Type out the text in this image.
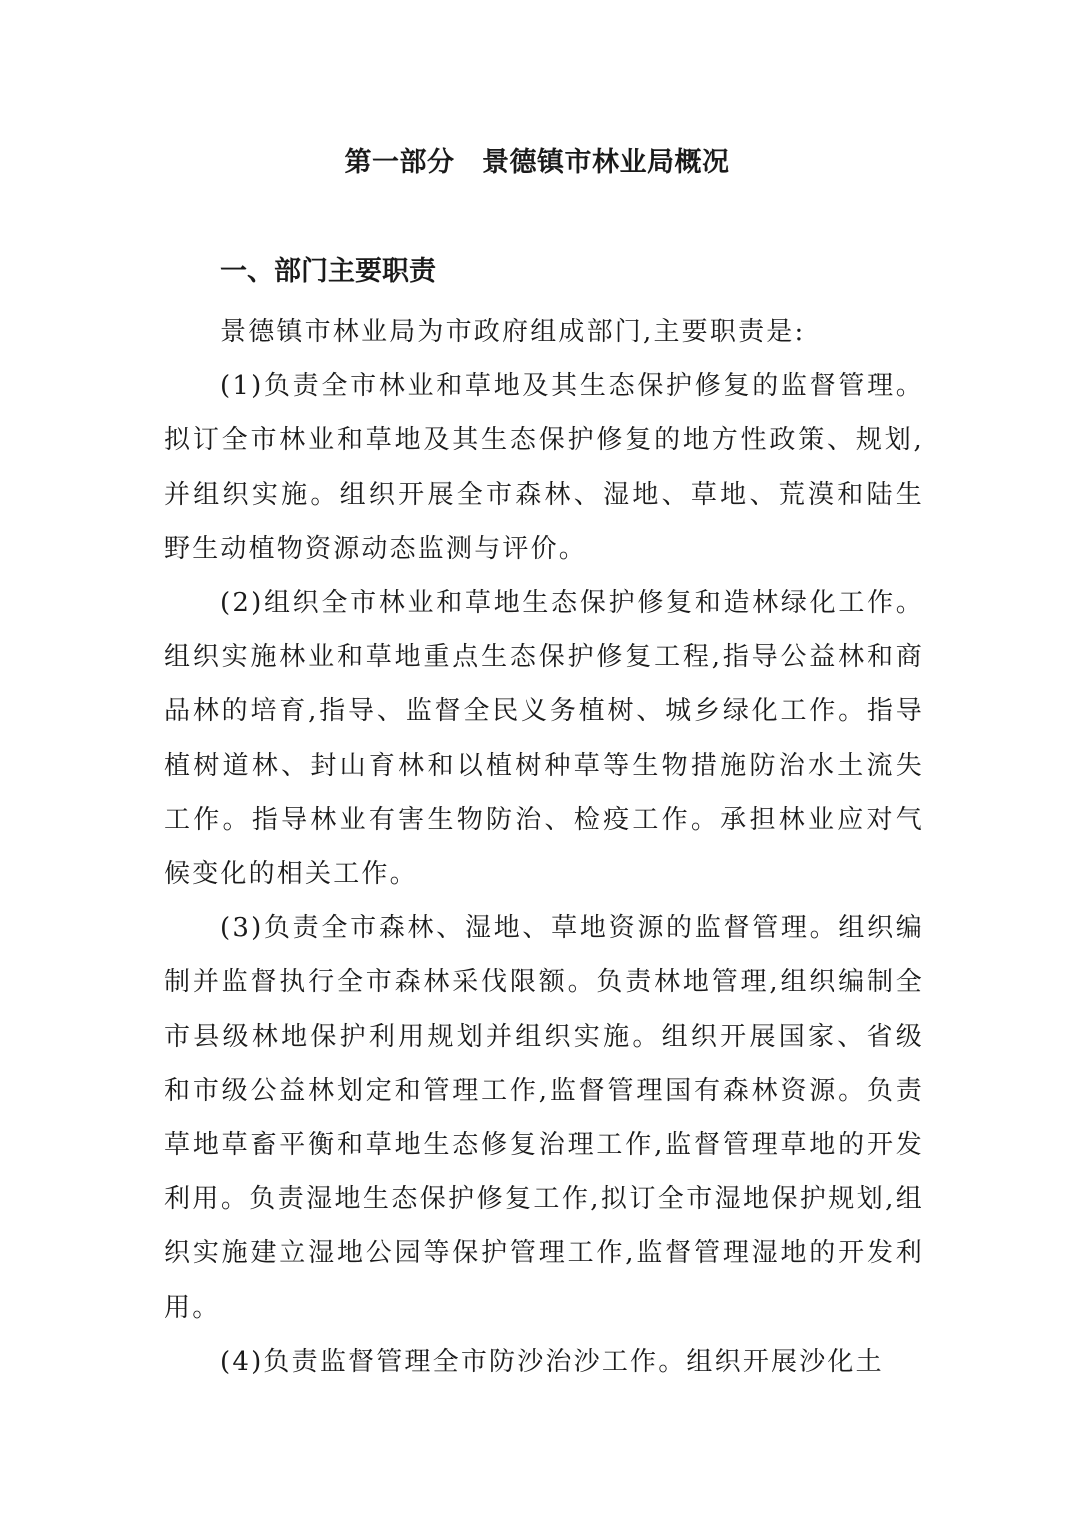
第一部分　景德镇市林业局概况
一、部门主要职责

景德镇市林业局为市政府组成部门,主要职责是:

(1)负责全市林业和草地及其生态保护修复的监督管理。拟订全市林业和草地及其生态保护修复的地方性政策、规划,并组织实施。组织开展全市森林、湿地、草地、荒漠和陆生野生动植物资源动态监测与评价。

(2)组织全市林业和草地生态保护修复和造林绿化工作。组织实施林业和草地重点生态保护修复工程,指导公益林和商品林的培育,指导、监督全民义务植树、城乡绿化工作。指导植树道林、封山育林和以植树种草等生物措施防治水土流失工作。指导林业有害生物防治、检疫工作。承担林业应对气候变化的相关工作。

(3)负责全市森林、湿地、草地资源的监督管理。组织编制并监督执行全市森林采伐限额。负责林地管理,组织编制全市县级林地保护利用规划并组织实施。组织开展国家、省级和市级公益林划定和管理工作,监督管理国有森林资源。负责草地草畜平衡和草地生态修复治理工作,监督管理草地的开发利用。负责湿地生态保护修复工作,拟订全市湿地保护规划,组织实施建立湿地公园等保护管理工作,监督管理湿地的开发利用。

(4)负责监督管理全市防沙治沙工作。组织开展沙化土
